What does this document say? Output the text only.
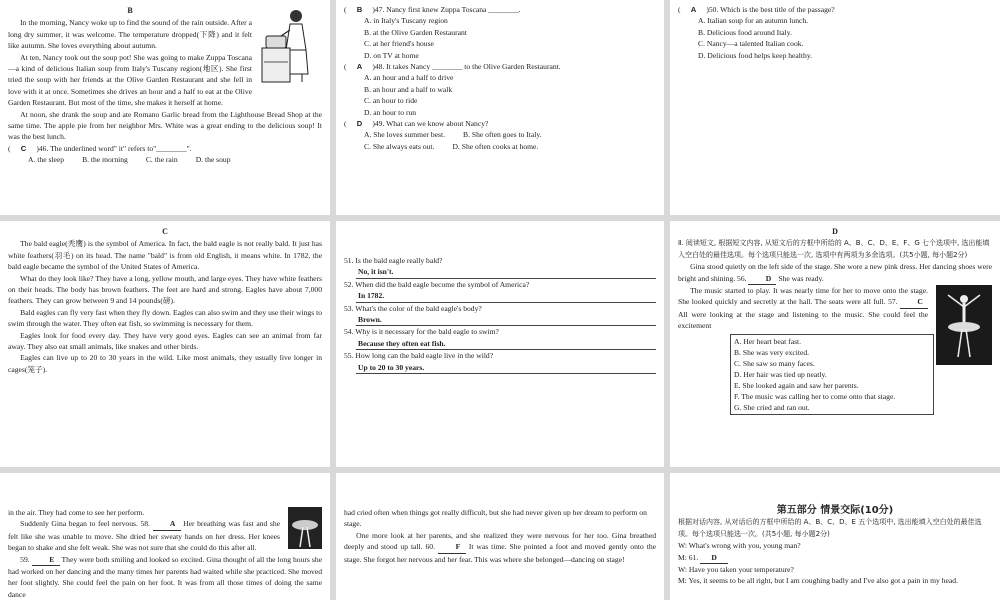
B

In the morning, Nancy woke up to find the sound of the rain outside. After a long dry summer, it was welcome. The temperature dropped(下降) and it felt like autumn. She loves everything about autumn.

At ten, Nancy took out the soup pot! She was going to make Zuppa Toscana—a kind of delicious Italian soup from Italy's Tuscany region(地区). She first tried the soup with her friends at the Olive Garden Restaurant and she fell in love with it at once. Sometimes she drives an hour and a half to eat at the Olive Garden Restaurant. But most of the time, she makes it herself at home.

At noon, she drank the soup and ate Romano Garlic bread from the Lighthouse Bread Shop at the same time. The apple pie from her neighbor Mrs. White was a great ending to the delicious soup! It was the best lunch.

( C )46. The underlined word" it" refers to"________".

A. the sleep B. the morning C. the rain D. the soup

( B )47. Nancy first knew Zuppa Toscana ________.

A. in Italy's Tuscany region

B. at the Olive Garden Restaurant

C. at her friend's house

D. on TV at home

( A )48. It takes Nancy ________ to the Olive Garden Restaurant.

A. an hour and a half to drive

B. an hour and a half to walk

C. an hour to ride

D. an hour to run

( D )49. What can we know about Nancy?

A. She loves summer best. B. She often goes to Italy.
C. She always eats out. D. She often cooks at home.

( A )50. Which is the best title of the passage?

A. Italian soup for an autumn lunch.

B. Delicious food around Italy.

C. Nancy—a talented Italian cook.

D. Delicious food helps keep healthy.

C

The bald eagle(秃鹰) is the symbol of America. In fact, the bald eagle is not really bald. It just has white feathers(羽毛) on its head. The name "bald" is from old English, it means white. In 1782, the bald eagle became the symbol of the United States of America.

What do they look like? They have a long, yellow mouth, and large eyes. They have white feathers on their heads. The body has brown feathers. The feet are hard and strong. Eagles have about 7,000 feathers. They can grow between 9 and 14 pounds(磅).

Bald eagles can fly very fast when they fly down. Eagles can also swim and they use their wings to swim through the water. They often eat fish, so swimming is necessary for them.

Eagles look for food every day. They have very good eyes. Eagles can see an animal from far away. They also eat small animals, like snakes and other birds.

Eagles can live up to 20 to 30 years in the wild. Like most animals, they usually live longer in cages(笼子).

51. Is the bald eagle really bald?

No, it isn't.

52. When did the bald eagle become the symbol of America?

In 1782.

53. What's the color of the bald eagle's body?

Brown.

54. Why is it necessary for the bald eagle to swim?

Because they often eat fish.

55. How long can the bald eagle live in the wild?

Up to 20 to 30 years.

D

Ⅱ. 阅读短文, 根据短文内容, 从短文后的方框中所给的 A、B、C、D、E、F、G 七个选项中, 选出能填入空白处的最佳选项。每个选项只能选一次, 选项中有两项为多余选项。(共5小题, 每小题2分)

Gina stood quietly on the left side of the stage. She wore a new pink dress. Her dancing shoes were bright and shining. 56.	D She was ready.

The music started to play. It was nearly time for her to move onto the stage. She looked quickly and secretly at the hall. The seats were all full. 57.	C All were looking at the stage and listening to the music. She could feel the excitement

A. Her heart beat fast.
B. She was very excited.
C. She saw so many faces.
D. Her hair was tied up neatly.
E. She looked again and saw her parents.
F. The music was calling her to come onto that stage.
G. She cried and ran out.

in the air. They had come to see her perform.

Suddenly Gina began to feel nervous. 58.	A Her breathing was fast and she felt like she was unable to move. She dried her sweaty hands on her dress. Her knees began to shake and she felt weak. She was not sure that she could do this after all.

59.	E They were both smiling and looked so excited. Gina thought of all the long hours she had worked on her dancing and the many times her parents had waited while she practiced. She moved her foot slightly. She could feel the pain on her foot. It was from all those times of doing the same dance

had cried often when things got really difficult, but she had never given up her dream to perform on stage.

One more look at her parents, and she realized they were nervous for her too. Gina breathed deeply and stood up tall. 60.	F It was time. She pointed a foot and moved gently onto the stage. She forgot her nervous and her fear. This was where she belonged—dancing on stage!

第五部分 情景交际(10分)

根据对话内容, 从对话后的方框中所给的 A、B、C、D、E 五个选项中, 选出能填入空白处的最佳选项。每个选项只能选一次。(共5小题, 每小题2分)

W: What's wrong with you, young man?

M: 61. D

W: Have you taken your temperature?

M: Yes, it seems to be all right, but I am coughing badly and I've also got a pain in my head.
